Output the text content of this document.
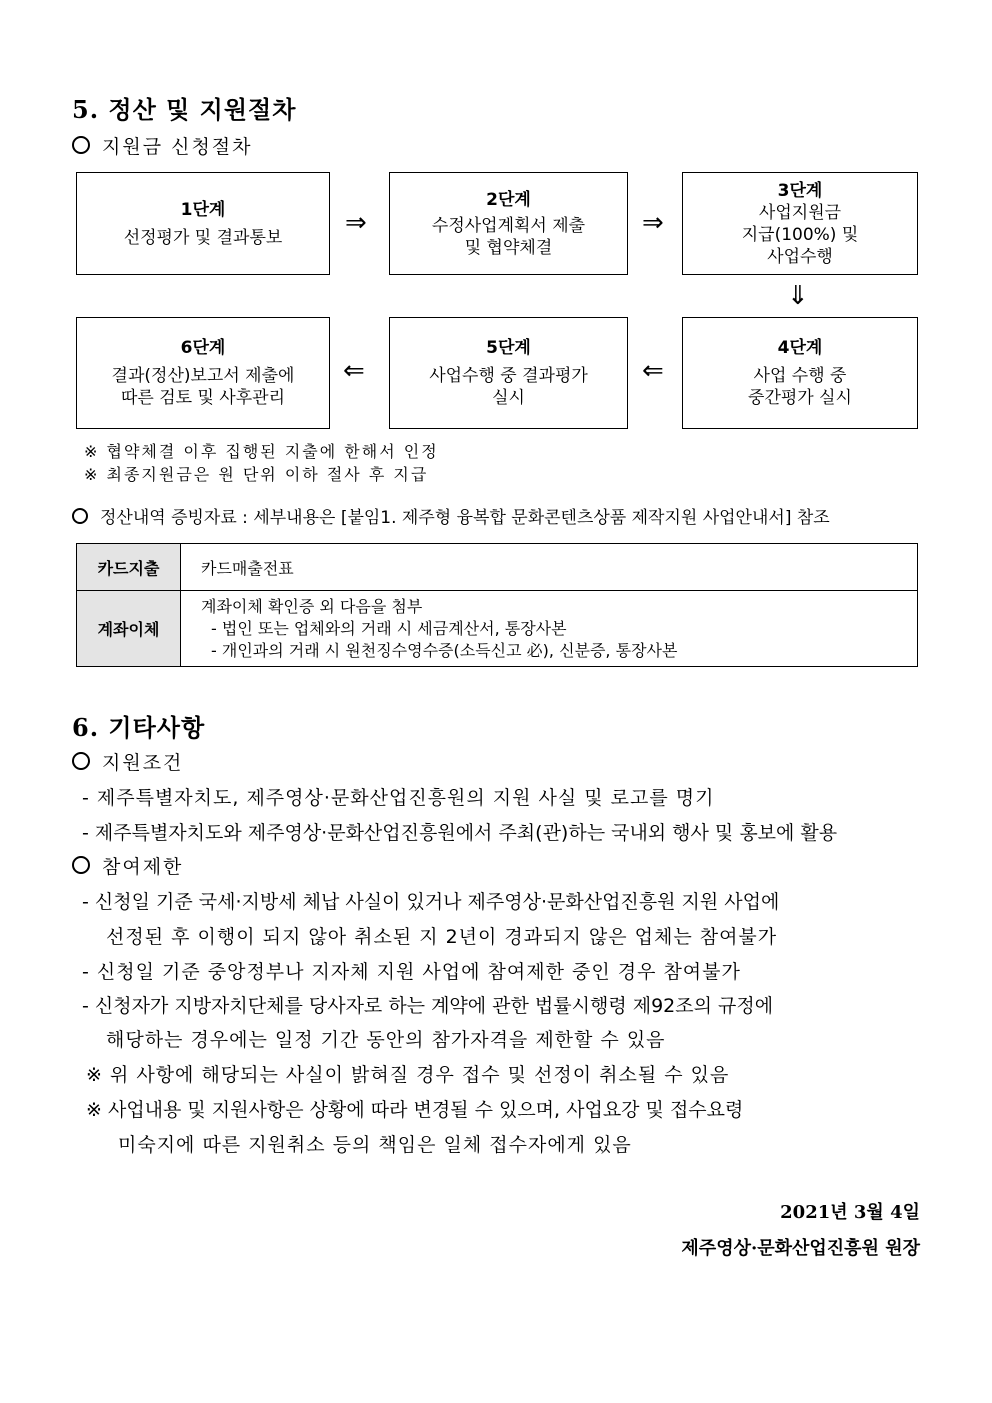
5. 정산 및 지원절차
지원금 신청절차
1단계
선정평가 및 결과통보
2단계
수정사업계획서 제출
및 협약체결
3단계
사업지원금
지급(100%) 및
사업수행
4단계
사업 수행 중
중간평가 실시
5단계
사업수행 중 결과평가
실시
6단계
결과(정산)보고서 제출에
따른 검토 및 사후관리
⇒	⇒
⇓
⇐
⇐
※ 협약체결 이후 집행된 지출에 한해서 인정
※ 최종지원금은 원 단위 이하 절사 후 지급
정산내역 증빙자료 : 세부내용은 [붙임1. 제주형 융복합 문화콘텐츠상품 제작지원 사업안내서] 참조
카드지출	카드매출전표
계좌이체	계좌이체 확인증 외 다음을 첨부
- 법인 또는 업체와의 거래 시 세금계산서, 통장사본
- 개인과의 거래 시 원천징수영수증(소득신고 必), 신분증, 통장사본
6. 기타사항
지원조건
- 제주특별자치도, 제주영상·문화산업진흥원의 지원 사실 및 로고를 명기
- 제주특별자치도와 제주영상·문화산업진흥원에서 주최(관)하는 국내외 행사 및 홍보에 활용
참여제한
- 신청일 기준 국세·지방세 체납 사실이 있거나 제주영상·문화산업진흥원 지원 사업에
선정된 후 이행이 되지 않아 취소된 지 2년이 경과되지 않은 업체는 참여불가
- 신청일 기준 중앙정부나 지자체 지원 사업에 참여제한 중인 경우 참여불가
- 신청자가 지방자치단체를 당사자로 하는 계약에 관한 법률시행령 제92조의 규정에
해당하는 경우에는 일정 기간 동안의 참가자격을 제한할 수 있음
※ 위 사항에 해당되는 사실이 밝혀질 경우 접수 및 선정이 취소될 수 있음
※ 사업내용 및 지원사항은 상황에 따라 변경될 수 있으며, 사업요강 및 접수요령
미숙지에 따른 지원취소 등의 책임은 일체 접수자에게 있음
2021년 3월 4일
제주영상·문화산업진흥원 원장
